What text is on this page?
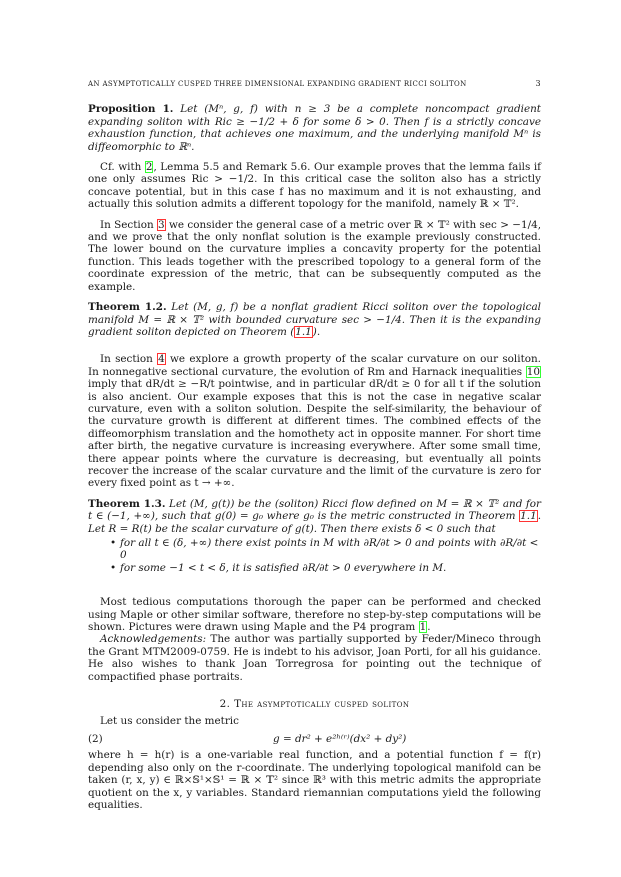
AN ASYMPTOTICALLY CUSPED THREE DIMENSIONAL EXPANDING GRADIENT RICCI SOLITON	3

Proposition 1. Let (Mⁿ, g, f) with n ≥ 3 be a complete noncompact gradient expanding soliton with Ric ≥ −1/2 + δ for some δ > 0. Then f is a strictly concave exhaustion function, that achieves one maximum, and the underlying manifold Mⁿ is diffeomorphic to ℝⁿ.

Cf. with 2, Lemma 5.5 and Remark 5.6. Our example proves that the lemma fails if one only assumes Ric > −1/2. In this critical case the soliton also has a strictly concave potential, but in this case f has no maximum and it is not exhausting, and actually this solution admits a different topology for the manifold, namely ℝ × 𝕋².

In Section 3 we consider the general case of a metric over ℝ × 𝕋² with sec > −1/4, and we prove that the only nonflat solution is the example previously constructed. The lower bound on the curvature implies a concavity property for the potential function. This leads together with the prescribed topology to a general form of the coordinate expression of the metric, that can be subsequently computed as the example.

Theorem 1.2. Let (M, g, f) be a nonflat gradient Ricci soliton over the topological manifold M = ℝ × 𝕋² with bounded curvature sec > −1/4. Then it is the expanding gradient soliton depicted on Theorem (1.1).

In section 4 we explore a growth property of the scalar curvature on our soliton. In nonnegative sectional curvature, the evolution of Rm and Harnack inequalities 10 imply that dR/dt ≥ −R/t pointwise, and in particular dR/dt ≥ 0 for all t if the solution is also ancient. Our example exposes that this is not the case in negative scalar curvature, even with a soliton solution. Despite the self-similarity, the behaviour of the curvature growth is different at different times. The combined effects of the diffeomorphism translation and the homothety act in opposite manner. For short time after birth, the negative curvature is increasing everywhere. After some small time, there appear points where the curvature is decreasing, but eventually all points recover the increase of the scalar curvature and the limit of the curvature is zero for every fixed point as t → +∞.

Theorem 1.3. Let (M, g(t)) be the (soliton) Ricci flow defined on M = ℝ × 𝕋² and for t ∈ (−1, +∞), such that g(0) = g₀ where g₀ is the metric constructed in Theorem 1.1. Let R = R(t) be the scalar curvature of g(t). Then there exists δ < 0 such that

• for all t ∈ (δ, +∞) there exist points in M with ∂R/∂t > 0 and points with ∂R/∂t < 0
• for some −1 < t < δ, it is satisfied ∂R/∂t > 0 everywhere in M.

Most tedious computations thorough the paper can be performed and checked using Maple or other similar software, therefore no step-by-step computations will be shown. Pictures were drawn using Maple and the P4 program 1.

Acknowledgements: The author was partially supported by Feder/Mineco through the Grant MTM2009-0759. He is indebt to his advisor, Joan Porti, for all his guidance. He also wishes to thank Joan Torregrosa for pointing out the technique of compactified phase portraits.

2. The asymptotically cusped soliton

Let us consider the metric

(2)	g = dr² + e²ʰ⁽ʳ⁾(dx² + dy²)

where h = h(r) is a one-variable real function, and a potential function f = f(r) depending also only on the r-coordinate. The underlying topological manifold can be taken (r, x, y) ∈ ℝ×𝕊¹×𝕊¹ = ℝ × 𝕋² since ℝ³ with this metric admits the appropriate quotient on the x, y variables. Standard riemannian computations yield the following equalities.
